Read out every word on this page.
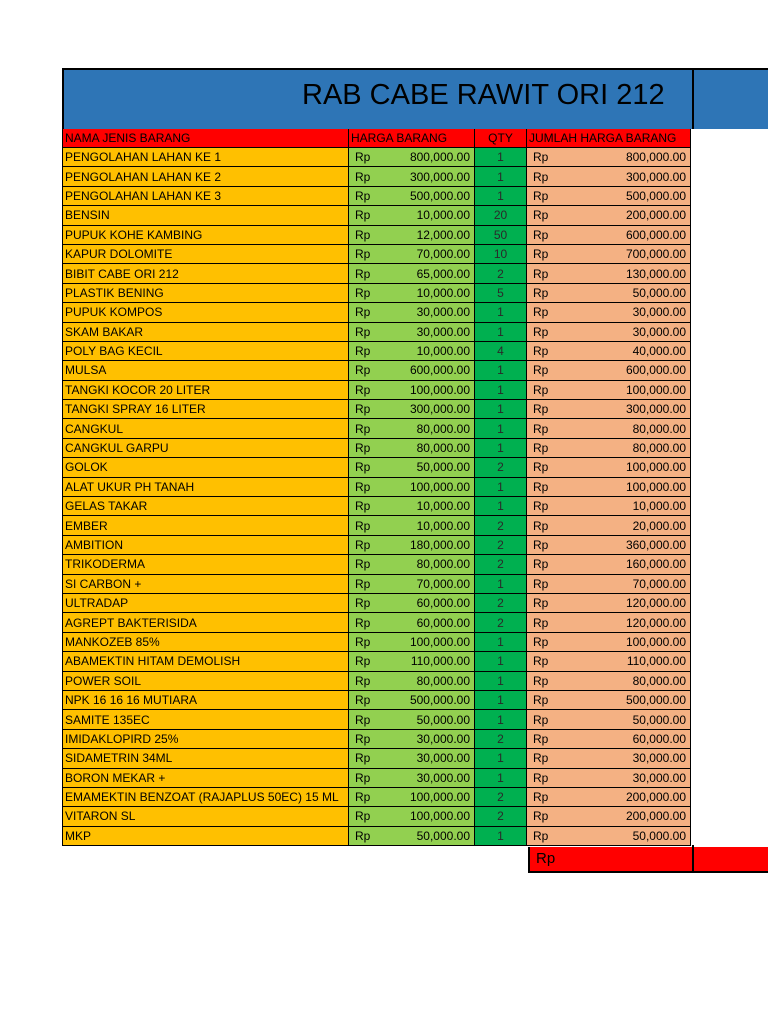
RAB CABE RAWIT ORI 212
NAMA JENIS BARANG	HARGA BARANG	QTY	JUMLAH HARGA BARANG
PENGOLAHAN LAHAN KE 1	Rp 800,000.00	1	Rp 800,000.00

PENGOLAHAN LAHAN KE 2	Rp 300,000.00	1	Rp 300,000.00

PENGOLAHAN LAHAN KE 3	Rp 500,000.00	1	Rp 500,000.00

BENSIN	Rp 10,000.00	20	Rp 200,000.00

PUPUK KOHE KAMBING	Rp 12,000.00	50	Rp 600,000.00

KAPUR DOLOMITE	Rp 70,000.00	10	Rp 700,000.00

BIBIT CABE ORI 212	Rp 65,000.00	2	Rp 130,000.00

PLASTIK BENING	Rp 10,000.00	5	Rp 50,000.00

PUPUK KOMPOS	Rp 30,000.00	1	Rp 30,000.00

SKAM BAKAR	Rp 30,000.00	1	Rp 30,000.00

POLY BAG KECIL	Rp 10,000.00	4	Rp 40,000.00

MULSA	Rp 600,000.00	1	Rp 600,000.00

TANGKI KOCOR 20 LITER	Rp 100,000.00	1	Rp 100,000.00

TANGKI SPRAY 16 LITER	Rp 300,000.00	1	Rp 300,000.00

CANGKUL	Rp 80,000.00	1	Rp 80,000.00

CANGKUL GARPU	Rp 80,000.00	1	Rp 80,000.00

GOLOK	Rp 50,000.00	2	Rp 100,000.00

ALAT UKUR PH TANAH	Rp 100,000.00	1	Rp 100,000.00

GELAS TAKAR	Rp 10,000.00	1	Rp 10,000.00

EMBER	Rp 10,000.00	2	Rp 20,000.00

AMBITION	Rp 180,000.00	2	Rp 360,000.00

TRIKODERMA	Rp 80,000.00	2	Rp 160,000.00

SI CARBON +	Rp 70,000.00	1	Rp 70,000.00

ULTRADAP	Rp 60,000.00	2	Rp 120,000.00

AGREPT BAKTERISIDA	Rp 60,000.00	2	Rp 120,000.00

MANKOZEB 85%	Rp 100,000.00	1	Rp 100,000.00

ABAMEKTIN HITAM DEMOLISH	Rp 110,000.00	1	Rp 110,000.00

POWER SOIL	Rp 80,000.00	1	Rp 80,000.00

NPK 16 16 16 MUTIARA	Rp 500,000.00	1	Rp 500,000.00

SAMITE 135EC	Rp 50,000.00	1	Rp 50,000.00

IMIDAKLOPIRD 25%	Rp 30,000.00	2	Rp 60,000.00

SIDAMETRIN 34ML	Rp 30,000.00	1	Rp 30,000.00

BORON MEKAR +	Rp 30,000.00	1	Rp 30,000.00

EMAMEKTIN BENZOAT (RAJAPLUS 50EC) 15 ML	Rp 100,000.00	2	Rp 200,000.00

VITARON SL	Rp 100,000.00	2	Rp 200,000.00

MKP	Rp 50,000.00	1	Rp 50,000.00
Rp
